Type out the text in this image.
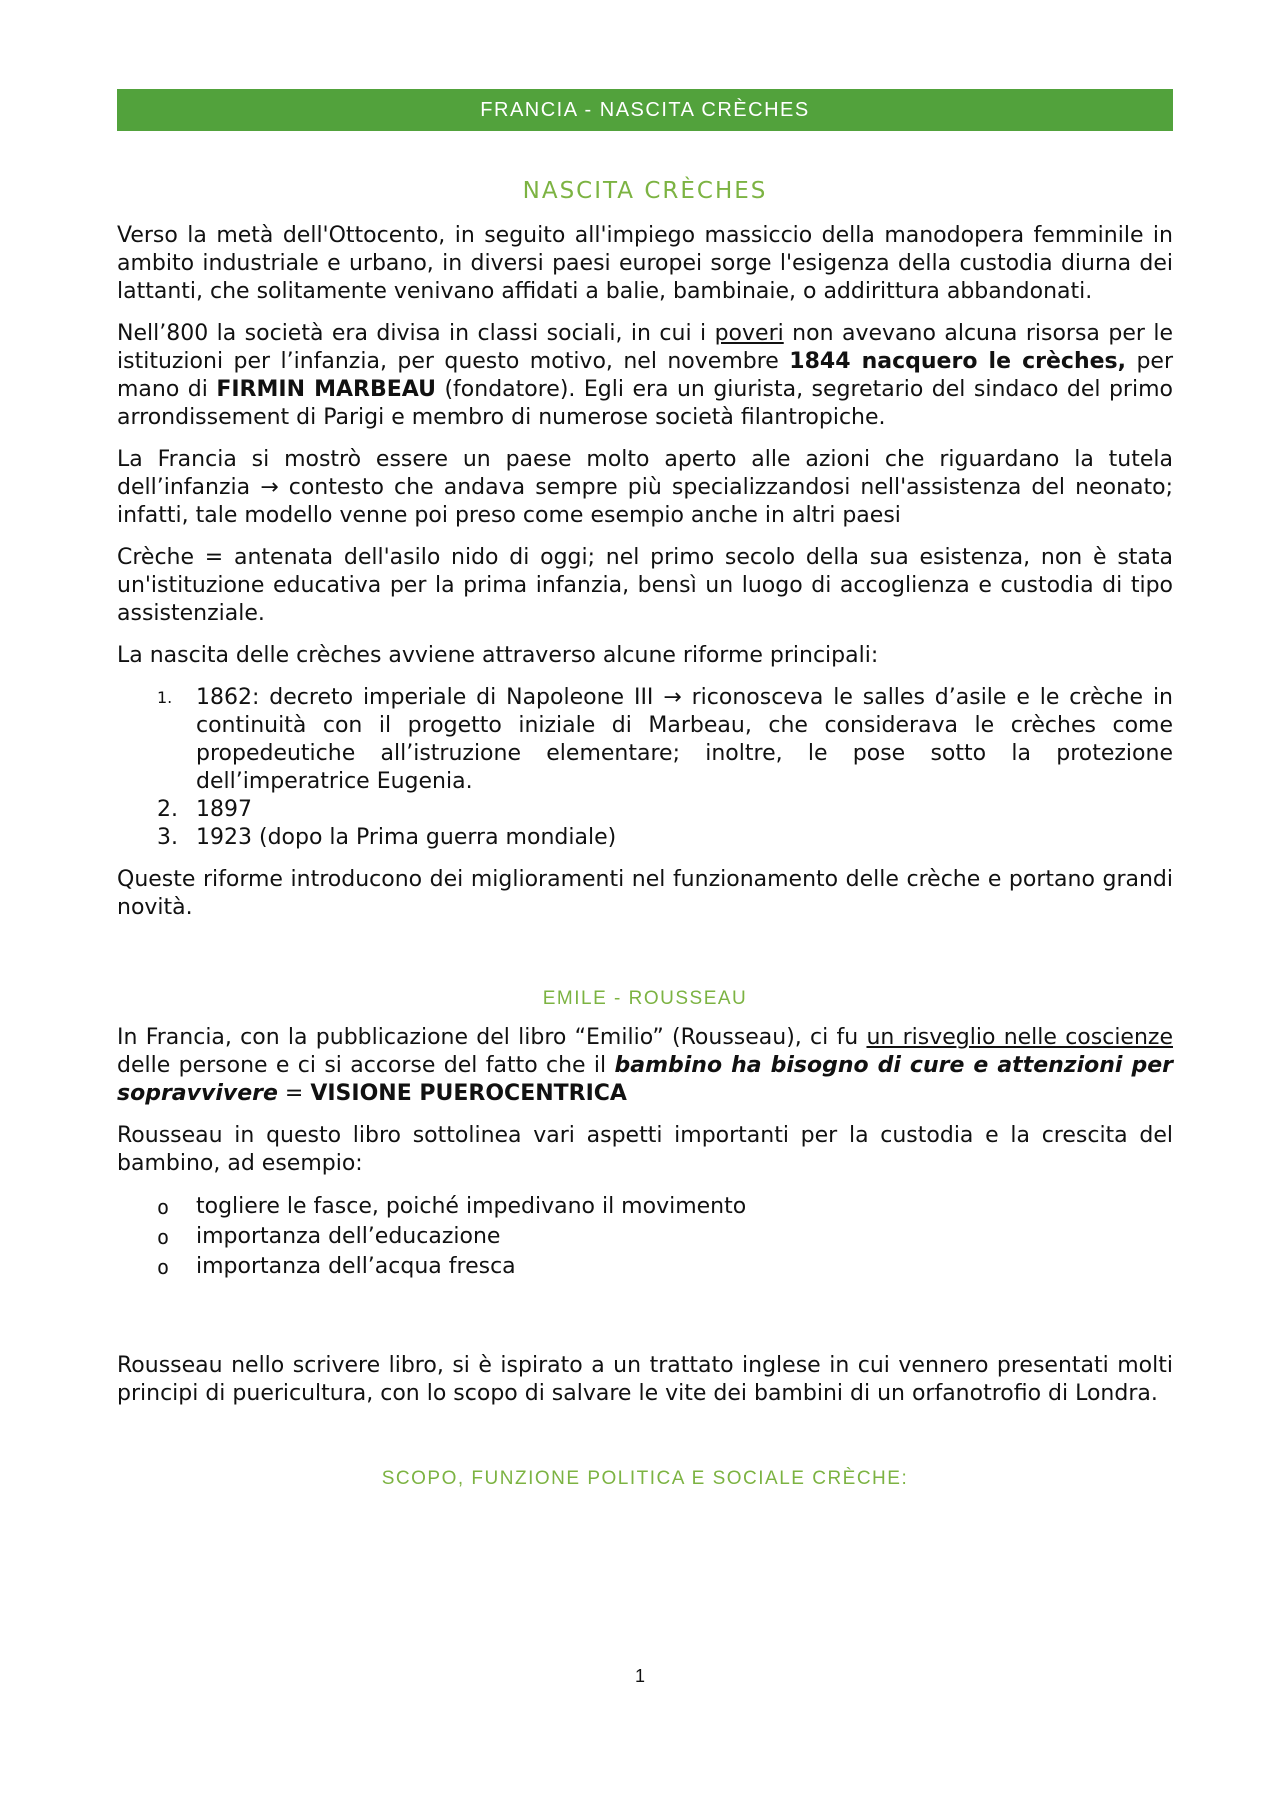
FRANCIA - NASCITA CRÈCHES
NASCITA CRÈCHES

Verso la metà dell'Ottocento, in seguito all'impiego massiccio della manodopera femminile in ambito industriale e urbano, in diversi paesi europei sorge l'esigenza della custodia diurna dei lattanti, che solitamente venivano affidati a balie, bambinaie, o addirittura abbandonati.

Nell’800 la società era divisa in classi sociali, in cui i poveri non avevano alcuna risorsa per le istituzioni per l’infanzia, per questo motivo, nel novembre 1844 nacquero le crèches, per mano di FIRMIN MARBEAU (fondatore). Egli era un giurista, segretario del sindaco del primo arrondissement di Parigi e membro di numerose società filantropiche.

La Francia si mostrò essere un paese molto aperto alle azioni che riguardano la tutela dell’infanzia → contesto che andava sempre più specializzandosi nell'assistenza del neonato; infatti, tale modello venne poi preso come esempio anche in altri paesi

Crèche = antenata dell'asilo nido di oggi; nel primo secolo della sua esistenza, non è stata un'istituzione educativa per la prima infanzia, bensì un luogo di accoglienza e custodia di tipo assistenziale.

La nascita delle crèches avviene attraverso alcune riforme principali:

1. 1862: decreto imperiale di Napoleone III → riconosceva le salles d’asile e le crèche in continuità con il progetto iniziale di Marbeau, che considerava le crèches come propedeutiche all’istruzione elementare; inoltre, le pose sotto la protezione dell’imperatrice Eugenia.
2. 1897
3. 1923 (dopo la Prima guerra mondiale)

Queste riforme introducono dei miglioramenti nel funzionamento delle crèche e portano grandi novità.

EMILE - ROUSSEAU

In Francia, con la pubblicazione del libro “Emilio” (Rousseau), ci fu un risveglio nelle coscienze delle persone e ci si accorse del fatto che il bambino ha bisogno di cure e attenzioni per sopravvivere = VISIONE PUEROCENTRICA

Rousseau in questo libro sottolinea vari aspetti importanti per la custodia e la crescita del bambino, ad esempio:

o togliere le fasce, poiché impedivano il movimento
o importanza dell’educazione
o importanza dell’acqua fresca

Rousseau nello scrivere libro, si è ispirato a un trattato inglese in cui vennero presentati molti principi di puericultura, con lo scopo di salvare le vite dei bambini di un orfanotrofio di Londra.

SCOPO, FUNZIONE POLITICA E SOCIALE CRÈCHE:
1
